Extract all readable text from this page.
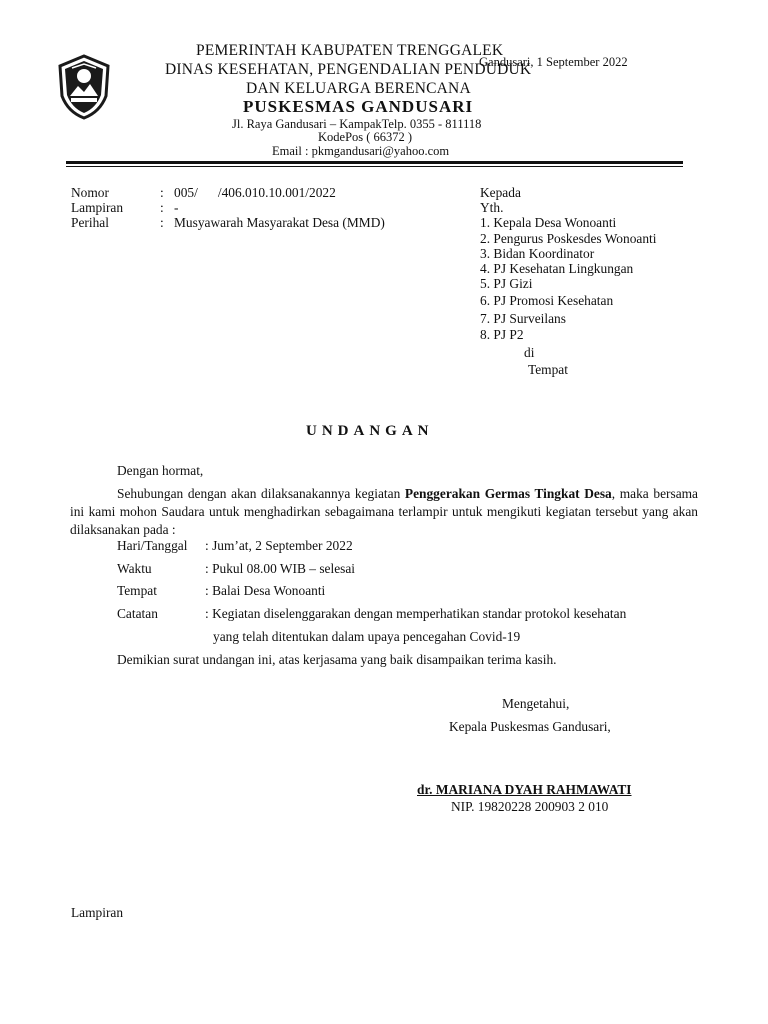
PEMERINTAH KABUPATEN TRENGGALEK
DINAS KESEHATAN, PENGENDALIAN PENDUDUK
DAN KELUARGA BERENCANA
PUSKESMAS GANDUSARI
Jl. Raya Gandusari – KampakTelp. 0355 - 811118
KodePos ( 66372 )
Email : pkmgandusari@yahoo.com
Gandusari, 1 September 2022
Nomor	: 005/      /406.010.10.001/2022
Lampiran	: -
Perihal	: Musyawarah Masyarakat Desa (MMD)
Kepada
Yth.
1. Kepala Desa Wonoanti
2. Pengurus Poskesdes Wonoanti
3. Bidan Koordinator
4. PJ Kesehatan Lingkungan
5. PJ Gizi
6. PJ Promosi Kesehatan
7. PJ Surveilans
8. PJ P2
di
Tempat
UNDANGAN
Dengan hormat,
Sehubungan dengan akan dilaksanakannya kegiatan Penggerakan Germas Tingkat Desa, maka bersama ini kami mohon Saudara untuk menghadirkan sebagaimana terlampir untuk mengikuti kegiatan tersebut yang akan dilaksanakan pada :
Hari/Tanggal : Jum’at, 2 September 2022
Waktu	: Pukul 08.00 WIB – selesai
Tempat	: Balai Desa Wonoanti
Catatan	: Kegiatan diselenggarakan dengan memperhatikan standar protokol kesehatan
yang telah ditentukan dalam upaya pencegahan Covid-19
Demikian surat undangan ini, atas kerjasama yang baik disampaikan terima kasih.
Mengetahui,
Kepala Puskesmas Gandusari,
dr. MARIANA DYAH RAHMAWATI
NIP. 19820228 200903 2 010
Lampiran
